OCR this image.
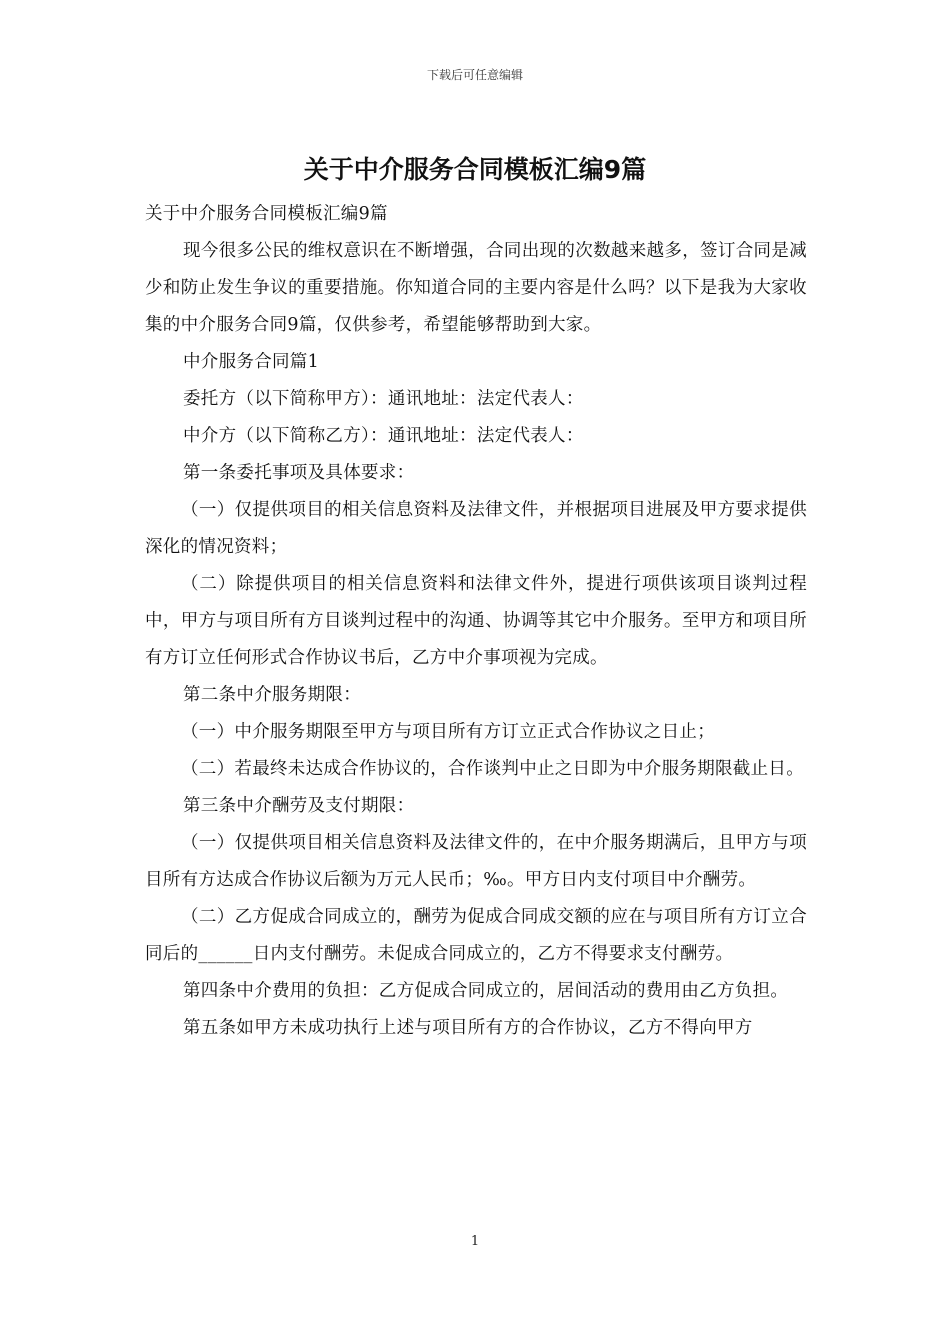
下载后可任意编辑
关于中介服务合同模板汇编9篇

关于中介服务合同模板汇编9篇

现今很多公民的维权意识在不断增强，合同出现的次数越来越多，签订合同是减少和防止发生争议的重要措施。你知道合同的主要内容是什么吗？以下是我为大家收集的中介服务合同9篇，仅供参考，希望能够帮助到大家。

中介服务合同篇1

委托方（以下简称甲方）：通讯地址：法定代表人：

中介方（以下简称乙方）：通讯地址：法定代表人：

第一条委托事项及具体要求：

（一）仅提供项目的相关信息资料及法律文件，并根据项目进展及甲方要求提供深化的情况资料；

（二）除提供项目的相关信息资料和法律文件外，提进行项供该项目谈判过程中，甲方与项目所有方目谈判过程中的沟通、协调等其它中介服务。至甲方和项目所有方订立任何形式合作协议书后，乙方中介事项视为完成。

第二条中介服务期限：

（一）中介服务期限至甲方与项目所有方订立正式合作协议之日止；

（二）若最终未达成合作协议的，合作谈判中止之日即为中介服务期限截止日。

第三条中介酬劳及支付期限：

（一）仅提供项目相关信息资料及法律文件的，在中介服务期满后，且甲方与项目所有方达成合作协议后额为万元人民币；‰。甲方日内支付项目中介酬劳。

（二）乙方促成合同成立的，酬劳为促成合同成交额的应在与项目所有方订立合同后的______日内支付酬劳。未促成合同成立的，乙方不得要求支付酬劳。

第四条中介费用的负担：乙方促成合同成立的，居间活动的费用由乙方负担。

第五条如甲方未成功执行上述与项目所有方的合作协议，乙方不得向甲方

1
